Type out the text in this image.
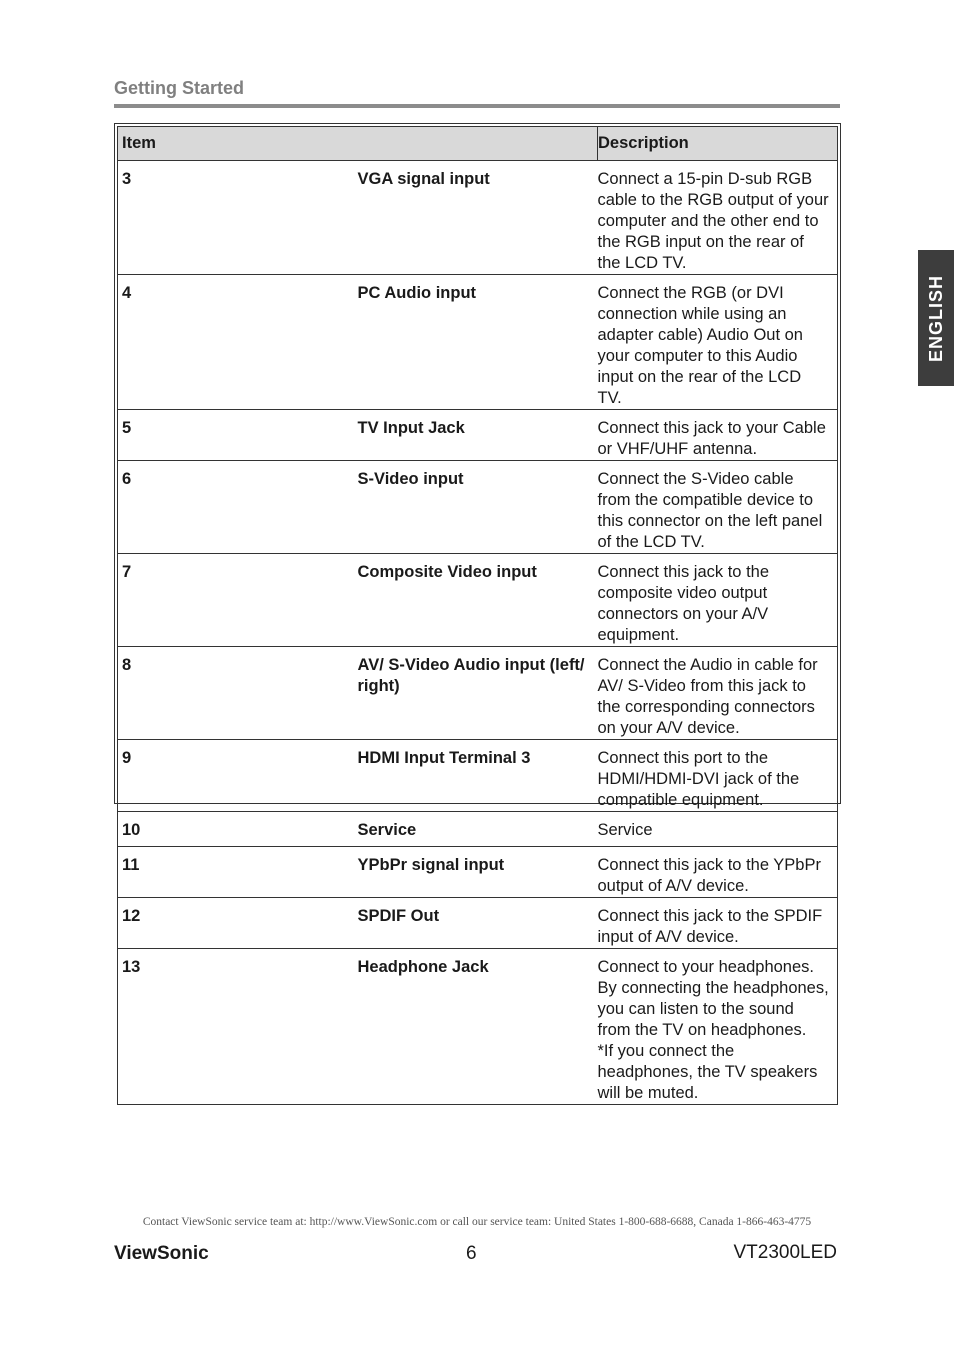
Getting Started
ENGLISH
Item		Description
3	VGA signal input	Connect a 15-pin D-sub RGB cable to the RGB output of your computer and the other end to the RGB input on the rear of the LCD TV.
4	PC Audio input	Connect the RGB (or DVI connection while using an adapter cable) Audio Out on your computer to this Audio input on the rear of the LCD TV.
5	TV Input Jack	Connect this jack to your Cable or VHF/UHF antenna.
6	S-Video input	Connect the S-Video cable from the compatible device to this connector on the left panel of the LCD TV.
7	Composite Video input	Connect this jack to the composite video output connectors on your A/V equipment.
8	AV/ S-Video Audio input (left/ right)	Connect the Audio in cable for AV/ S-Video from this jack to the corresponding connectors on your A/V device.
9	HDMI Input Terminal 3	Connect this port to the HDMI/HDMI-DVI jack of the compatible equipment.
10	Service	Service
11	YPbPr signal input	Connect this jack to the YPbPr output of A/V device.
12	SPDIF Out	Connect this jack to the SPDIF input of A/V device.
13	Headphone Jack	Connect to your headphones. By connecting the headphones, you can listen to the sound from the TV on headphones.
*If you connect the headphones, the TV speakers will be muted.
Contact ViewSonic service team at: http://www.ViewSonic.com or call our service team: United States 1-800-688-6688, Canada 1-866-463-4775
ViewSonic	6	VT2300LED
